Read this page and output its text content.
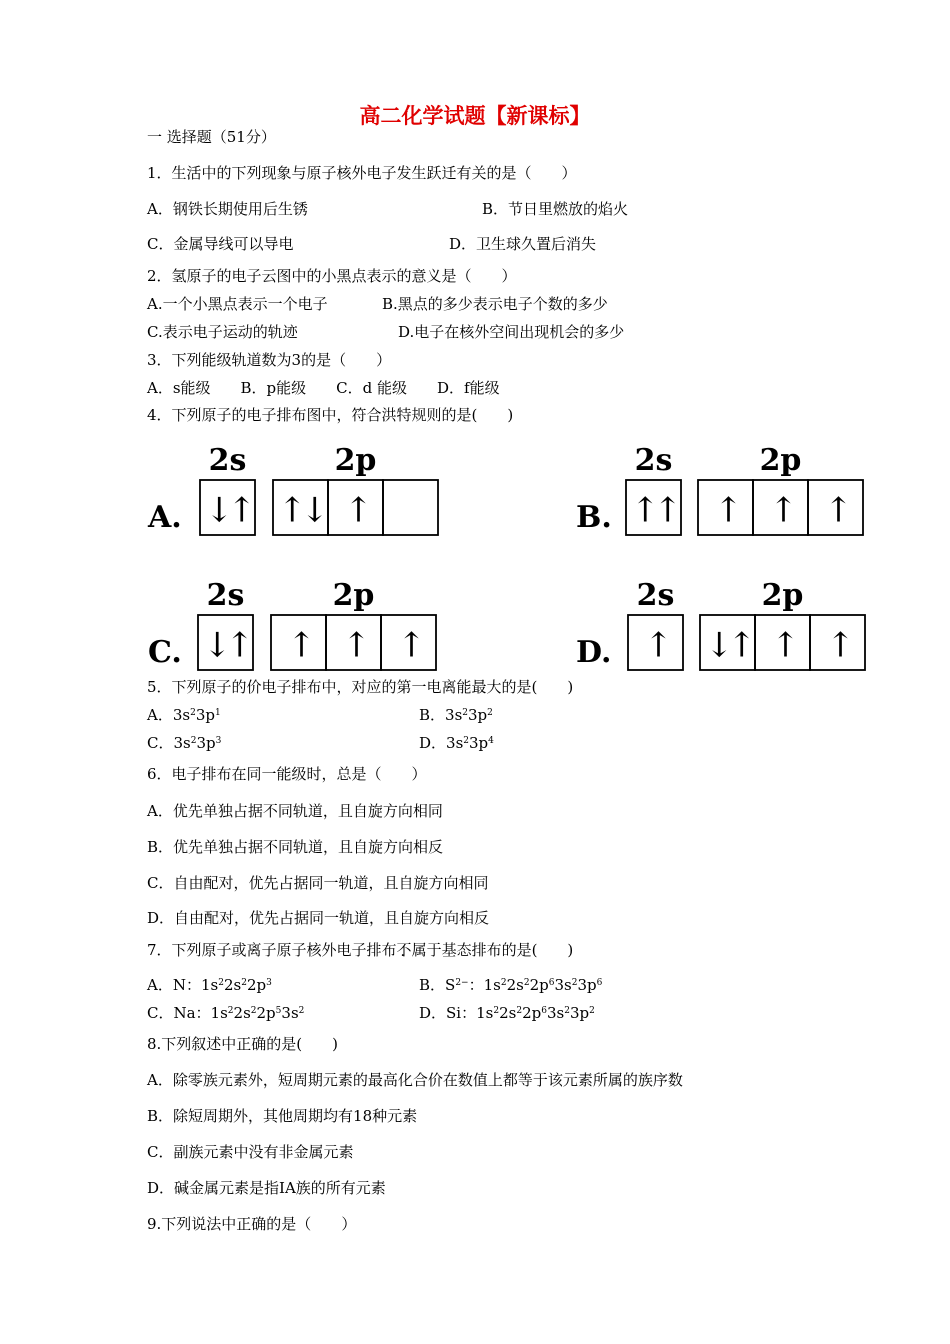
高二化学试题【新课标】
一 选择题（51分）
1．生活中的下列现象与原子核外电子发生跃迁有关的是（　　）
A．钢铁长期使用后生锈	B．节日里燃放的焰火
C．金属导线可以导电	D．卫生球久置后消失
2．氢原子的电子云图中的小黑点表示的意义是（　　）
A.一个小黑点表示一个电子	B.黑点的多少表示电子个数的多少
C.表示电子运动的轨迹	D.电子在核外空间出现机会的多少
3．下列能级轨道数为3的是（　　）
A．s能级　　B．p能级　　C．d 能级　　D．f能级
4．下列原子的电子排布图中，符合洪特规则的是(　　)
A.
2s	2p
↓↑ ↑↓ ↑	B.
2s	2p
↑↑ ↑ ↑ ↑
C.
2s	2p
↓↑ ↑ ↑ ↑	D.
2s	2p
↑ ↓↑ ↑ ↑
5．下列原子的价电子排布中，对应的第一电离能最大的是(　　)
A．$3s^23p^1$	B．$3s^23p^2$
C．$3s^23p^3$	D．$3s^23p^4$
6．电子排布在同一能级时，总是（　　）
A．优先单独占据不同轨道，且自旋方向相同
B．优先单独占据不同轨道，且自旋方向相反
C．自由配对，优先占据同一轨道，且自旋方向相同
D．自由配对，优先占据同一轨道，且自旋方向相反
7．下列原子或离子原子核外电子排布不属于基态排布的是(　　)
A．N：$1s^22s^22p^3$	B．$S^{2-}$：$1s^22s^22p^63s^23p^6$
C．Na：$1s^22s^22p^53s^2$	D．Si：$1s^22s^22p^63s^23p^2$
8.下列叙述中正确的是(　　)
A．除零族元素外，短周期元素的最高化合价在数值上都等于该元素所属的族序数
B．除短周期外，其他周期均有18种元素
C．副族元素中没有非金属元素
D．碱金属元素是指ⅠA族的所有元素
9.下列说法中正确的是（　　）
